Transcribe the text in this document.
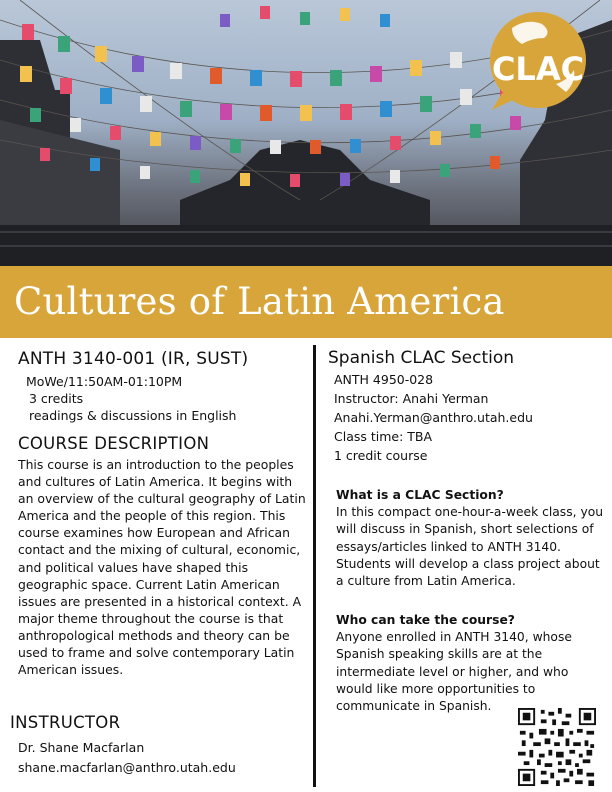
CLAC
Cultures of Latin America
ANTH 3140-001 (IR, SUST)
MoWe/11:50AM-01:10PM
3 credits
readings & discussions in English
COURSE DESCRIPTION

This course is an introduction to the peoples and cultures of Latin America. It begins with an overview of the cultural geography of Latin America and the people of this region. This course examines how European and African contact and the mixing of cultural, economic, and political values have shaped this geographic space. Current Latin American issues are presented in a historical context. A major theme throughout the course is that anthropological methods and theory can be used to frame and solve contemporary Latin American issues.

INSTRUCTOR
Dr. Shane Macfarlan
shane.macfarlan@anthro.utah.edu
Spanish CLAC Section
ANTH 4950-028
Instructor: Anahi Yerman
Anahi.Yerman@anthro.utah.edu
Class time: TBA
1 credit course
What is a CLAC Section?
In this compact one-hour-a-week class, you will discuss in Spanish, short selections of essays/articles linked to ANTH 3140. Students will develop a class project about a culture from Latin America.
Who can take the course?
Anyone enrolled in ANTH 3140, whose Spanish speaking skills are at the intermediate level or higher, and who would like more opportunities to communicate in Spanish.
